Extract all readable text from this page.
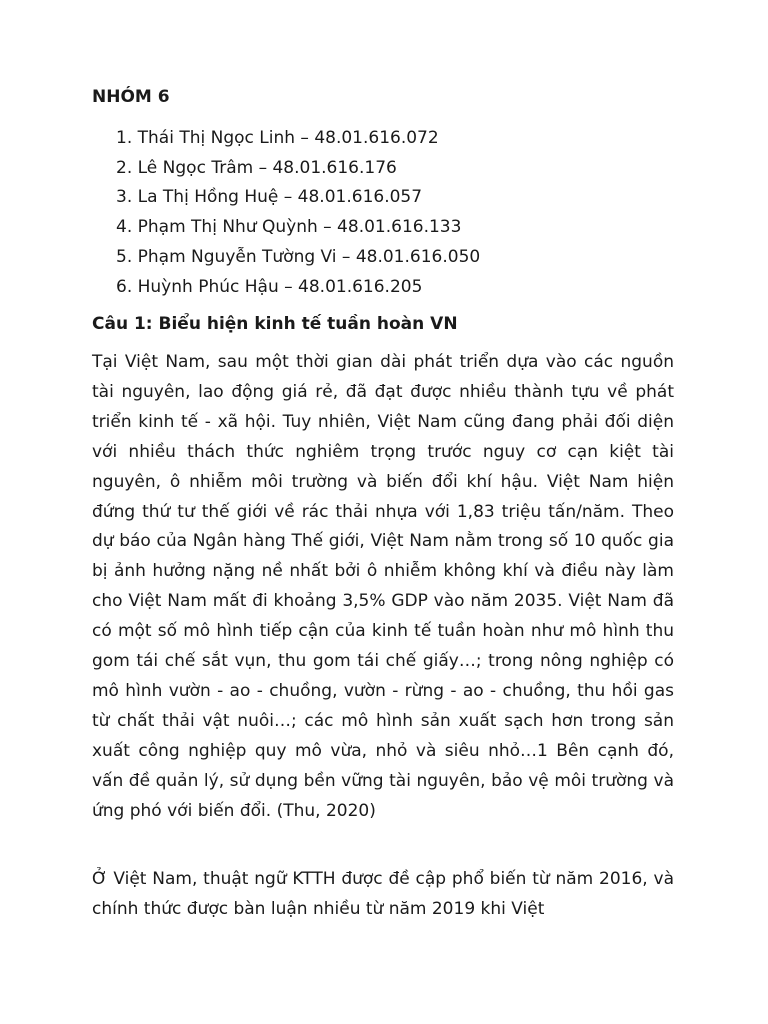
NHÓM 6
1. Thái Thị Ngọc Linh – 48.01.616.072
2. Lê Ngọc Trâm – 48.01.616.176
3. La Thị Hồng Huệ – 48.01.616.057
4. Phạm Thị Như Quỳnh – 48.01.616.133
5. Phạm Nguyễn Tường Vi – 48.01.616.050
6. Huỳnh Phúc Hậu – 48.01.616.205
Câu 1: Biểu hiện kinh tế tuần hoàn VN

Tại Việt Nam, sau một thời gian dài phát triển dựa vào các nguồn tài nguyên, lao động giá rẻ, đã đạt được nhiều thành tựu về phát triển kinh tế - xã hội. Tuy nhiên, Việt Nam cũng đang phải đối diện với nhiều thách thức nghiêm trọng trước nguy cơ cạn kiệt tài nguyên, ô nhiễm môi trường và biến đổi khí hậu. Việt Nam hiện đứng thứ tư thế giới về rác thải nhựa với 1,83 triệu tấn/năm. Theo dự báo của Ngân hàng Thế giới, Việt Nam nằm trong số 10 quốc gia bị ảnh hưởng nặng nề nhất bởi ô nhiễm không khí và điều này làm cho Việt Nam mất đi khoảng 3,5% GDP vào năm 2035. Việt Nam đã có một số mô hình tiếp cận của kinh tế tuần hoàn như mô hình thu gom tái chế sắt vụn, thu gom tái chế giấy…; trong nông nghiệp có mô hình vườn - ao - chuồng, vườn - rừng - ao - chuồng, thu hồi gas từ chất thải vật nuôi…; các mô hình sản xuất sạch hơn trong sản xuất công nghiệp quy mô vừa, nhỏ và siêu nhỏ…1 Bên cạnh đó, vấn đề quản lý, sử dụng bền vững tài nguyên, bảo vệ môi trường và ứng phó với biến đổi. (Thu, 2020)

Ở Việt Nam, thuật ngữ KTTH được đề cập phổ biến từ năm 2016, và chính thức được bàn luận nhiều từ năm 2019 khi Việt
